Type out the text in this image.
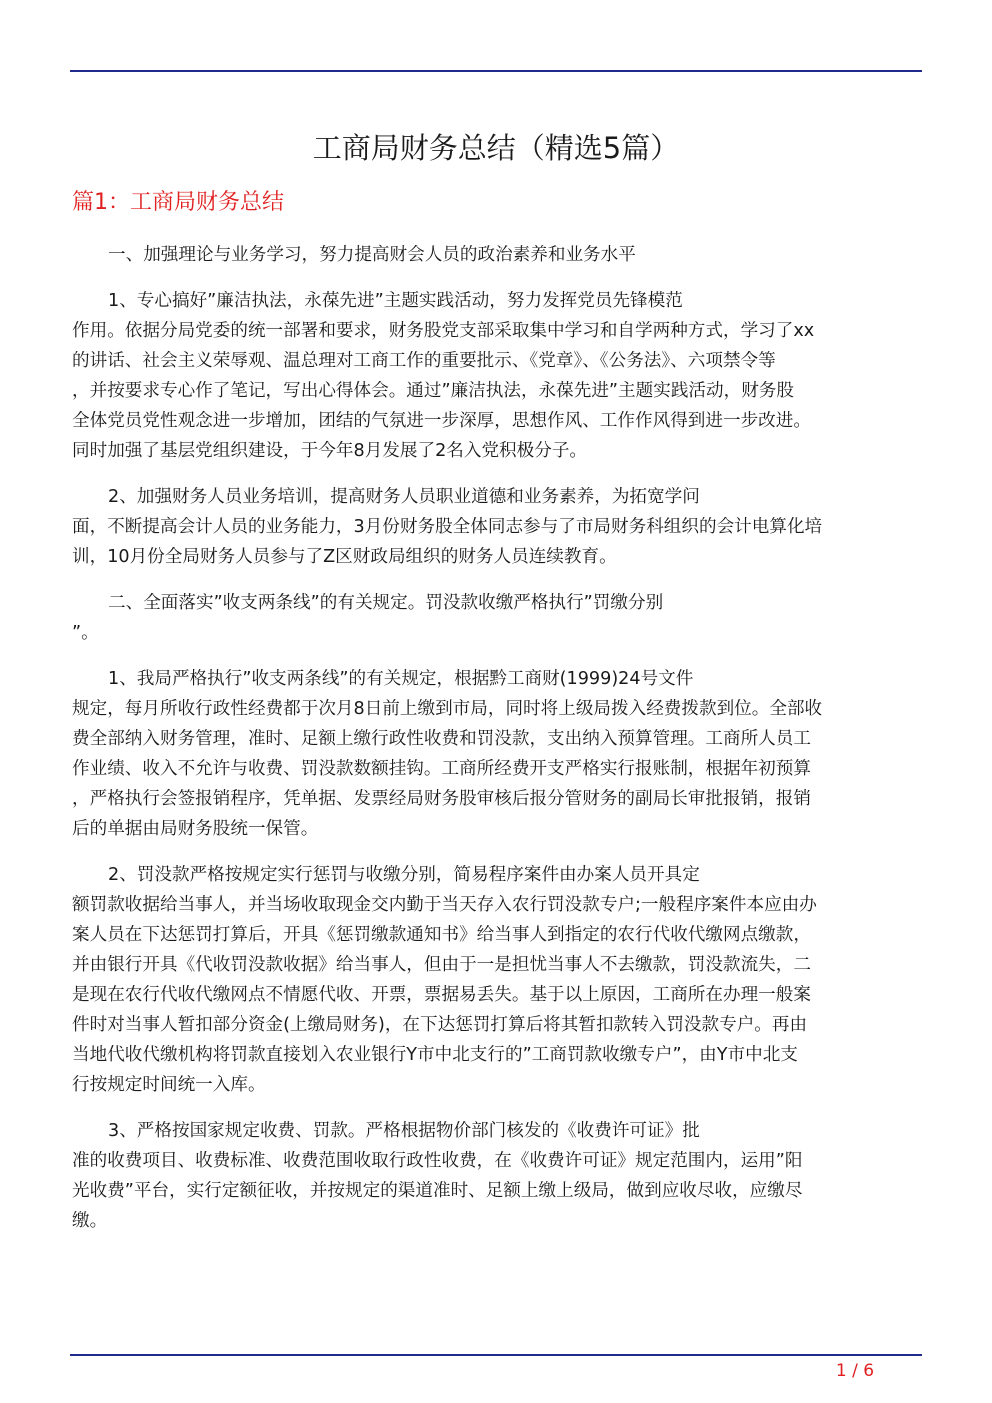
工商局财务总结（精选5篇）
篇1：工商局财务总结
一、加强理论与业务学习，努力提高财会人员的政治素养和业务水平
1、专心搞好”廉洁执法，永葆先进”主题实践活动，努力发挥党员先锋模范
作用。依据分局党委的统一部署和要求，财务股党支部采取集中学习和自学两种方式，学习了xx
的讲话、社会主义荣辱观、温总理对工商工作的重要批示、《党章》、《公务法》、六项禁令等
，并按要求专心作了笔记，写出心得体会。通过”廉洁执法，永葆先进”主题实践活动，财务股
全体党员党性观念进一步增加，团结的气氛进一步深厚，思想作风、工作作风得到进一步改进。
同时加强了基层党组织建设，于今年8月发展了2名入党积极分子。
2、加强财务人员业务培训，提高财务人员职业道德和业务素养，为拓宽学问
面，不断提高会计人员的业务能力，3月份财务股全体同志参与了市局财务科组织的会计电算化培
训，10月份全局财务人员参与了Z区财政局组织的财务人员连续教育。
二、全面落实”收支两条线”的有关规定。罚没款收缴严格执行”罚缴分别
”。
1、我局严格执行”收支两条线”的有关规定，根据黔工商财(1999)24号文件
规定，每月所收行政性经费都于次月8日前上缴到市局，同时将上级局拨入经费拨款到位。全部收
费全部纳入财务管理，准时、足额上缴行政性收费和罚没款，支出纳入预算管理。工商所人员工
作业绩、收入不允许与收费、罚没款数额挂钩。工商所经费开支严格实行报账制，根据年初预算
，严格执行会签报销程序，凭单据、发票经局财务股审核后报分管财务的副局长审批报销，报销
后的单据由局财务股统一保管。
2、罚没款严格按规定实行惩罚与收缴分别，简易程序案件由办案人员开具定
额罚款收据给当事人，并当场收取现金交内勤于当天存入农行罚没款专户;一般程序案件本应由办
案人员在下达惩罚打算后，开具《惩罚缴款通知书》给当事人到指定的农行代收代缴网点缴款，
并由银行开具《代收罚没款收据》给当事人，但由于一是担忧当事人不去缴款，罚没款流失，二
是现在农行代收代缴网点不情愿代收、开票，票据易丢失。基于以上原因，工商所在办理一般案
件时对当事人暂扣部分资金(上缴局财务)，在下达惩罚打算后将其暂扣款转入罚没款专户。再由
当地代收代缴机构将罚款直接划入农业银行Y市中北支行的”工商罚款收缴专户”，由Y市中北支
行按规定时间统一入库。
3、严格按国家规定收费、罚款。严格根据物价部门核发的《收费许可证》批
准的收费项目、收费标准、收费范围收取行政性收费，在《收费许可证》规定范围内，运用”阳
光收费”平台，实行定额征收，并按规定的渠道准时、足额上缴上级局，做到应收尽收，应缴尽
缴。
1 / 6
